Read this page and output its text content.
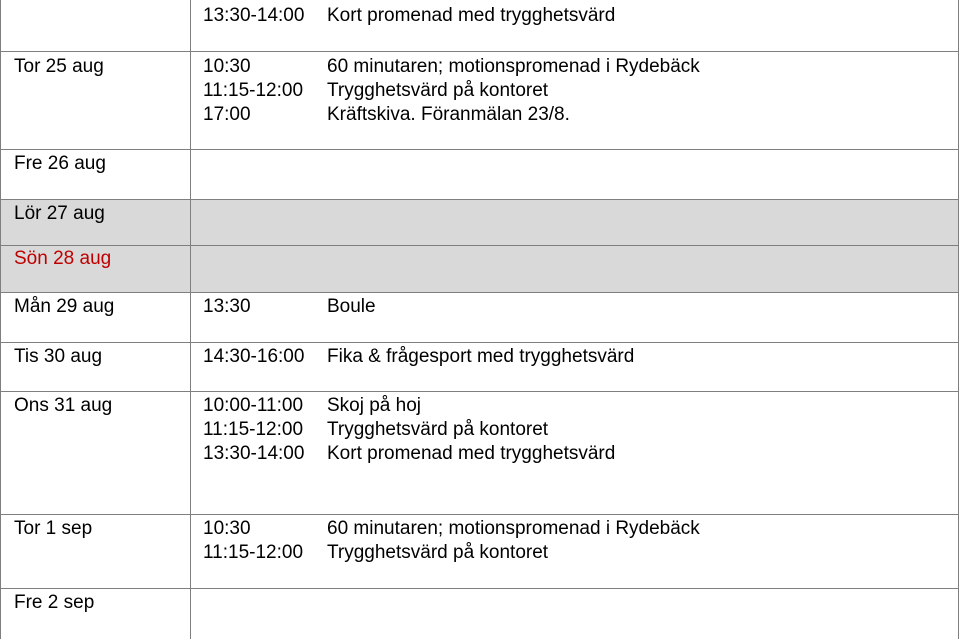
13:30-14:00	Kort promenad med trygghetsvärd
Tor 25 aug	10:30	60 minutaren; motionspromenad i Rydebäck
11:15-12:00	Trygghetsvärd på kontoret
17:00	Kräftskiva. Föranmälan 23/8.
Fre 26 aug
Lör 27 aug
Sön 28 aug
Mån 29 aug	13:30	Boule
Tis 30 aug	14:30-16:00	Fika & frågesport med trygghetsvärd
Ons 31 aug	10:00-11:00	Skoj på hoj
11:15-12:00	Trygghetsvärd på kontoret
13:30-14:00	Kort promenad med trygghetsvärd
Tor 1 sep	10:30	60 minutaren; motionspromenad i Rydebäck
11:15-12:00	Trygghetsvärd på kontoret
Fre 2 sep
